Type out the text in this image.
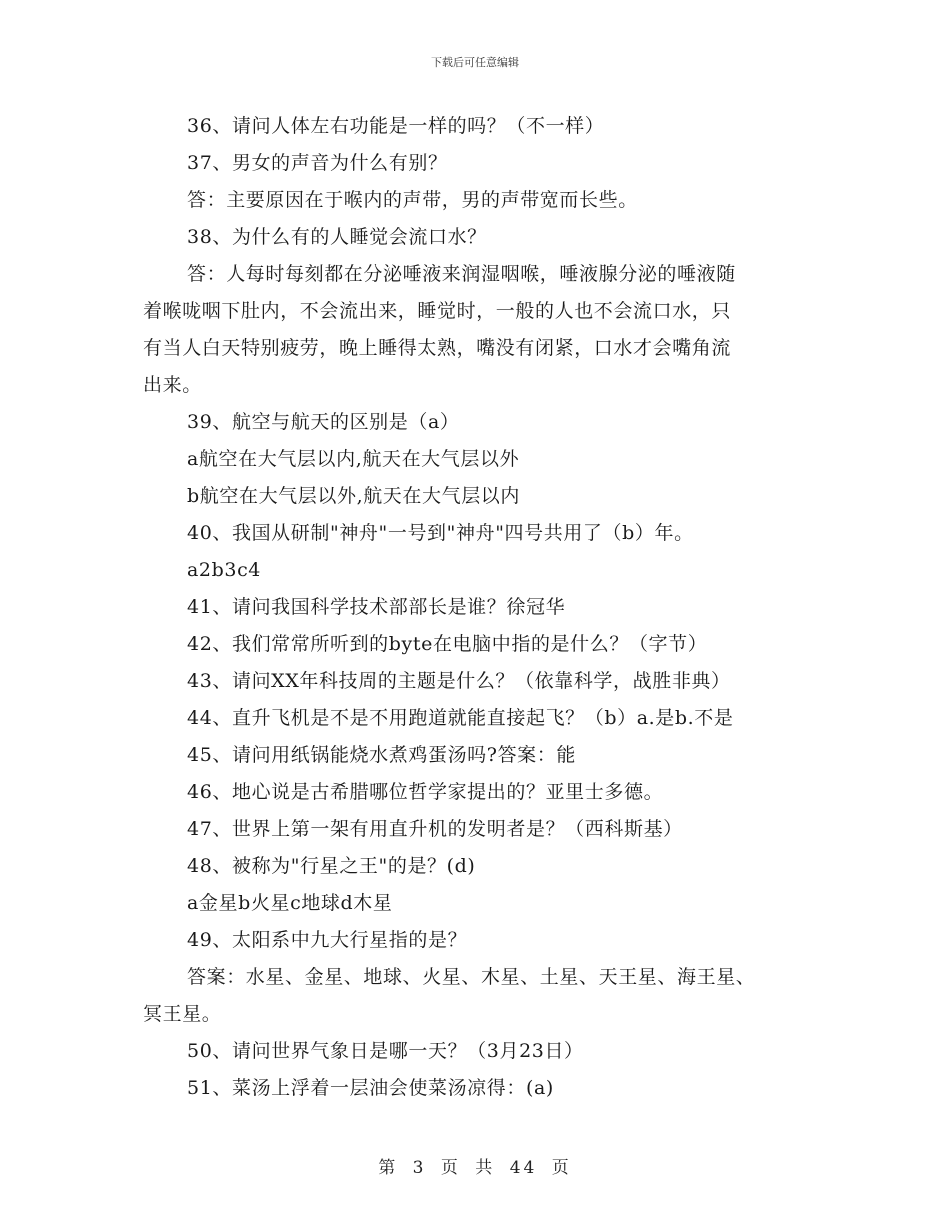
下载后可任意编辑
36、请问人体左右功能是一样的吗？（不一样）
37、男女的声音为什么有别？
答：主要原因在于喉内的声带，男的声带宽而长些。
38、为什么有的人睡觉会流口水？
答：人每时每刻都在分泌唾液来润湿咽喉，唾液腺分泌的唾液随
着喉咙咽下肚内，不会流出来，睡觉时，一般的人也不会流口水，只
有当人白天特别疲劳，晚上睡得太熟，嘴没有闭紧，口水才会嘴角流
出来。
39、航空与航天的区别是（a）
a航空在大气层以内,航天在大气层以外
b航空在大气层以外,航天在大气层以内
40、我国从研制"神舟"一号到"神舟"四号共用了（b）年。
a2b3c4
41、请问我国科学技术部部长是谁？徐冠华
42、我们常常所听到的byte在电脑中指的是什么？（字节）
43、请问XX年科技周的主题是什么？（依靠科学，战胜非典）
44、直升飞机是不是不用跑道就能直接起飞？（b）a.是b.不是
45、请问用纸锅能烧水煮鸡蛋汤吗?答案：能
46、地心说是古希腊哪位哲学家提出的？亚里士多德。
47、世界上第一架有用直升机的发明者是？（西科斯基）
48、被称为"行星之王"的是？(d)
a金星b火星c地球d木星
49、太阳系中九大行星指的是？
答案：水星、金星、地球、火星、木星、土星、天王星、海王星、
冥王星。
50、请问世界气象日是哪一天？（3月23日）
51、菜汤上浮着一层油会使菜汤凉得：(a)
第 3 页 共 44 页
